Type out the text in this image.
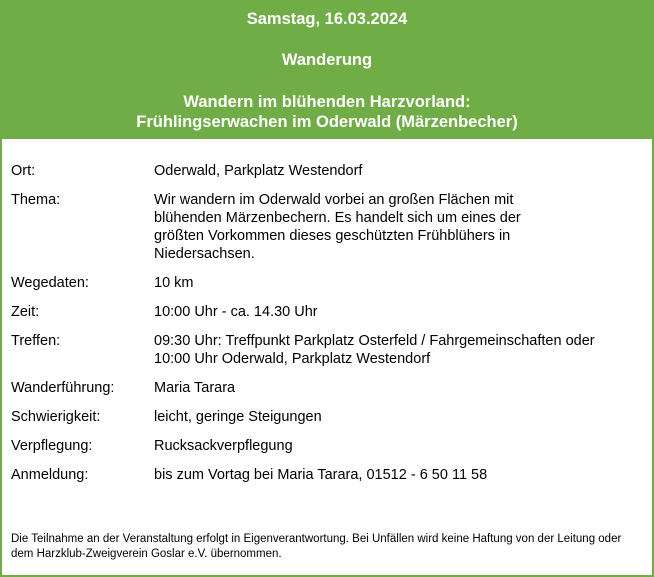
Samstag, 16.03.2024
Wanderung
Wandern im blühenden Harzvorland:
Frühlingserwachen im Oderwald (Märzenbecher)
Ort:	Oderwald, Parkplatz Westendorf
Thema:	Wir wandern im Oderwald vorbei an großen Flächen mit blühenden Märzenbechern. Es handelt sich um eines der größten Vorkommen dieses geschützten Frühblühers in Niedersachsen.
Wegedaten:	10 km
Zeit:	10:00 Uhr - ca. 14.30 Uhr
Treffen:	09:30 Uhr: Treffpunkt Parkplatz Osterfeld / Fahrgemeinschaften oder
10:00 Uhr Oderwald, Parkplatz Westendorf
Wanderführung:	Maria Tarara
Schwierigkeit:	leicht, geringe Steigungen
Verpflegung:	Rucksackverpflegung
Anmeldung:	bis zum Vortag bei Maria Tarara, 01512 - 6 50 11 58
Die Teilnahme an der Veranstaltung erfolgt in Eigenverantwortung. Bei Unfällen wird keine Haftung von der Leitung oder dem Harzklub-Zweigverein Goslar e.V. übernommen.
